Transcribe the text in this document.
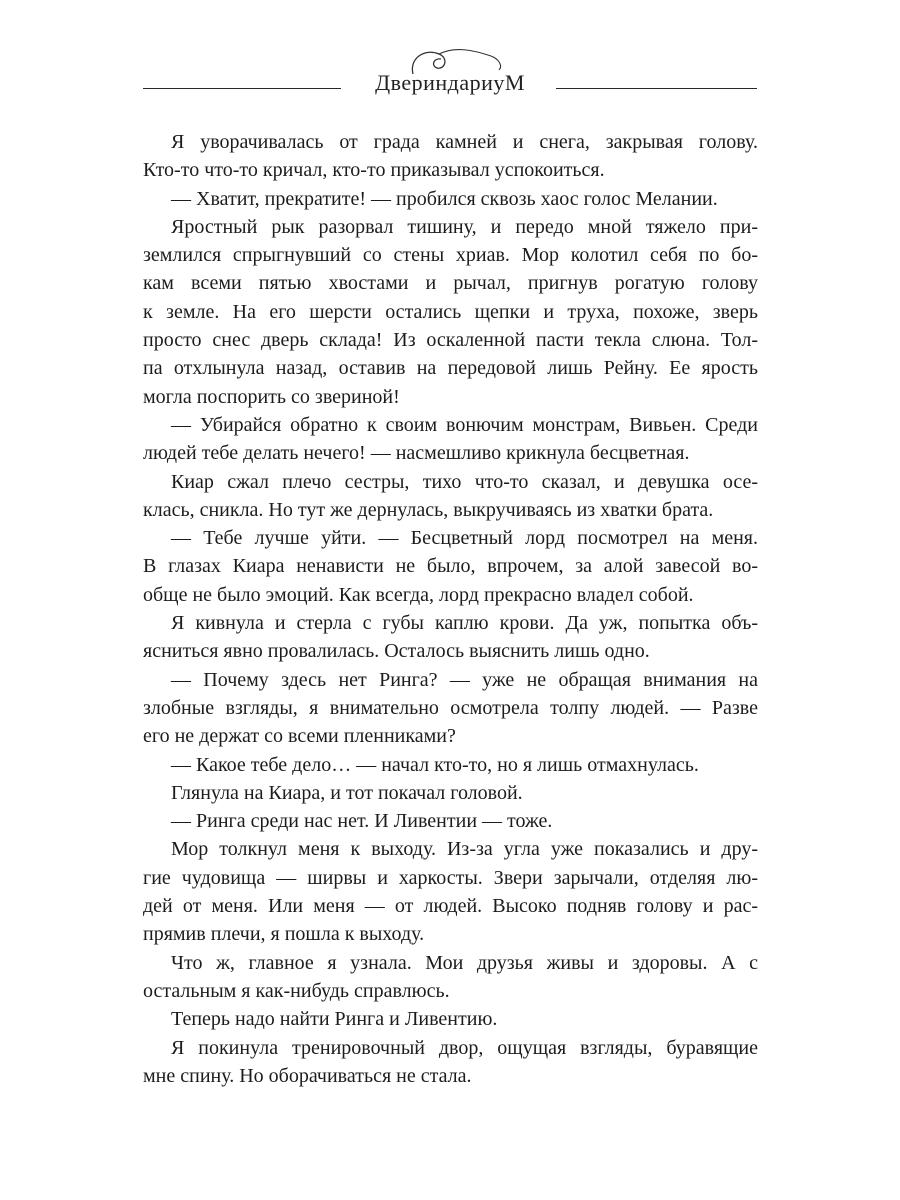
ДвериндариуМ

Я уворачивалась от града камней и снега, закрывая голову.
Кто-то что-то кричал, кто-то приказывал успокоиться.

— Хватит, прекратите! — пробился сквозь хаос голос Мелании.

Яростный рык разорвал тишину, и передо мной тяжело при-
землился спрыгнувший со стены хриав. Мор колотил себя по бо-
кам всеми пятью хвостами и рычал, пригнув рогатую голову
к земле. На его шерсти остались щепки и труха, похоже, зверь
просто снес дверь склада! Из оскаленной пасти текла слюна. Тол-
па отхлынула назад, оставив на передовой лишь Рейну. Ее ярость
могла поспорить со звериной!

— Убирайся обратно к своим вонючим монстрам, Вивьен. Среди
людей тебе делать нечего! — насмешливо крикнула бесцветная.

Киар сжал плечо сестры, тихо что-то сказал, и девушка осе-
клась, сникла. Но тут же дернулась, выкручиваясь из хватки брата.

— Тебе лучше уйти. — Бесцветный лорд посмотрел на меня.
В глазах Киара ненависти не было, впрочем, за алой завесой во-
обще не было эмоций. Как всегда, лорд прекрасно владел собой.

Я кивнула и стерла с губы каплю крови. Да уж, попытка объ-
ясниться явно провалилась. Осталось выяснить лишь одно.

— Почему здесь нет Ринга? — уже не обращая внимания на
злобные взгляды, я внимательно осмотрела толпу людей. — Разве
его не держат со всеми пленниками?

— Какое тебе дело… — начал кто-то, но я лишь отмахнулась.

Глянула на Киара, и тот покачал головой.

— Ринга среди нас нет. И Ливентии — тоже.

Мор толкнул меня к выходу. Из-за угла уже показались и дру-
гие чудовища — ширвы и харкосты. Звери зарычали, отделяя лю-
дей от меня. Или меня — от людей. Высоко подняв голову и рас-
прямив плечи, я пошла к выходу.

Что ж, главное я узнала. Мои друзья живы и здоровы. А с
остальным я как-нибудь справлюсь.

Теперь надо найти Ринга и Ливентию.

Я покинула тренировочный двор, ощущая взгляды, буравящие
мне спину. Но оборачиваться не стала.
